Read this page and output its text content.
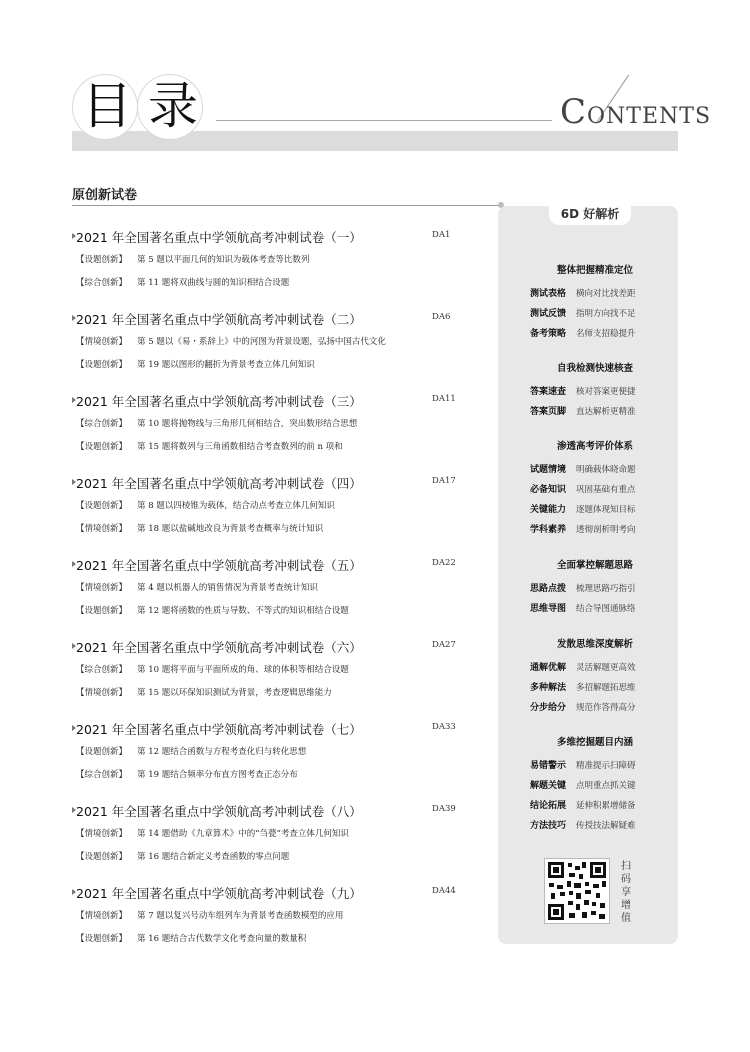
目 录	CONTENTS
原创新试卷
2021 年全国著名重点中学领航高考冲刺试卷（一）	DA1
【设题创新】 第 5 题以平面几何的知识为载体考查等比数列
【综合创新】 第 11 题将双曲线与圆的知识相结合设题
2021 年全国著名重点中学领航高考冲刺试卷（二）	DA6
【情境创新】 第 5 题以《易・系辞上》中的河图为背景设题，弘扬中国古代文化
【设题创新】 第 19 题以图形的翻折为背景考查立体几何知识
2021 年全国著名重点中学领航高考冲刺试卷（三）	DA11
【综合创新】 第 10 题将抛物线与三角形几何相结合，突出数形结合思想
【设题创新】 第 15 题将数列与三角函数相结合考查数列的前 n 项和
2021 年全国著名重点中学领航高考冲刺试卷（四）	DA17
【设题创新】 第 8 题以四棱锥为载体，结合动点考查立体几何知识
【情境创新】 第 18 题以盐碱地改良为背景考查概率与统计知识
2021 年全国著名重点中学领航高考冲刺试卷（五）	DA22
【情境创新】 第 4 题以机器人的销售情况为背景考查统计知识
【设题创新】 第 12 题将函数的性质与导数、不等式的知识相结合设题
2021 年全国著名重点中学领航高考冲刺试卷（六）	DA27
【综合创新】 第 10 题将平面与平面所成的角、球的体积等相结合设题
【情境创新】 第 15 题以环保知识测试为背景，考查逻辑思维能力
2021 年全国著名重点中学领航高考冲刺试卷（七）	DA33
【设题创新】 第 12 题结合函数与方程考查化归与转化思想
【综合创新】 第 19 题结合频率分布直方图考查正态分布
2021 年全国著名重点中学领航高考冲刺试卷（八）	DA39
【情境创新】 第 14 题借助《九章算术》中的“刍甍”考查立体几何知识
【设题创新】 第 16 题结合新定义考查函数的零点问题
2021 年全国著名重点中学领航高考冲刺试卷（九）	DA44
【情境创新】 第 7 题以复兴号动车组列车为背景考查函数模型的应用
【设题创新】 第 16 题结合古代数学文化考查向量的数量积
6D 好解析
整体把握精准定位
测试表格 横向对比找差距
测试反馈 指明方向找不足
备考策略 名师支招稳提升
自我检测快速核查
答案速查 核对答案更便捷
答案页脚 直达解析更精准
渗透高考评价体系
试题情境 明确载体晓命题
必备知识 巩固基础有重点
关键能力 逐题体现知目标
学科素养 透彻剖析明考向
全面掌控解题思路
思路点拨 梳理思路巧指引
思维导图 结合导图通脉络
发散思维深度解析
通解优解 灵活解题更高效
多种解法 多招解题拓思维
分步给分 规范作答得高分
多维挖掘题目内涵
易错警示 精准提示扫障碍
解题关键 点明重点抓关键
结论拓展 延伸积累增储备
方法技巧 传授技法解疑难
扫码享增值
